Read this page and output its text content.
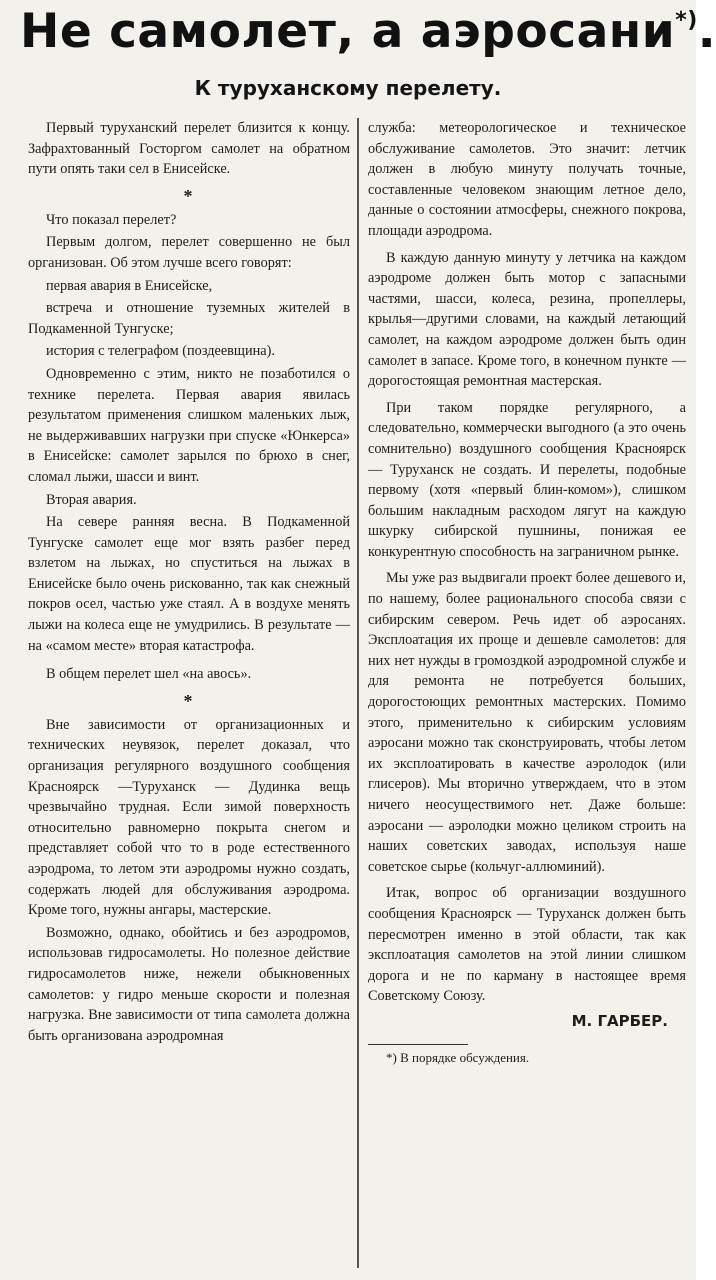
Не самолет, а аэросани*).
К туруханскому перелету.

Первый туруханский перелет близится к концу. Зафрахтованный Госторгом самолет на обратном пути опять таки сел в Енисейске.

*

Что показал перелет?

Первым долгом, перелет совершенно не был организован. Об этом лучше всего говорят:

первая авария в Енисейске,

встреча и отношение туземных жителей в Подкаменной Тунгуске;

история с телеграфом (поздеевщина).

Одновременно с этим, никто не позаботился о технике перелета. Первая авария явилась результатом применения слишком маленьких лыж, не выдерживавших нагрузки при спуске «Юнкерса» в Енисейске: самолет зарылся по брюхо в снег, сломал лыжи, шасси и винт.

Вторая авария.

На севере ранняя весна. В Подкаменной Тунгуске самолет еще мог взять разбег перед взлетом на лыжах, но спуститься на лыжах в Енисейске было очень рискованно, так как снежный покров осел, частью уже стаял. А в воздухе менять лыжи на колеса еще не умудрились. В результате — на «самом месте» вторая катастрофа.

В общем перелет шел «на авось».

*

Вне зависимости от организационных и технических неувязок, перелет доказал, что организация регулярного воздушного сообщения Красноярск —Туруханск — Дудинка вещь чрезвычайно трудная. Если зимой поверхность относительно равномерно покрыта снегом и представляет собой что то в роде естественного аэродрома, то летом эти аэродромы нужно создать, содержать людей для обслуживания аэродрома. Кроме того, нужны ангары, мастерские.

Возможно, однако, обойтись и без аэродромов, использовав гидросамолеты. Но полезное действие гидросамолетов ниже, нежели обыкновенных самолетов: у гидро меньше скорости и полезная нагрузка. Вне зависимости от типа самолета должна быть организована аэродромная

служба: метеорологическое и техническое обслуживание самолетов. Это значит: летчик должен в любую минуту получать точные, составленные человеком знающим летное дело, данные о состоянии атмосферы, снежного покрова, площади аэродрома.

В каждую данную минуту у летчика на каждом аэродроме должен быть мотор с запасными частями, шасси, колеса, резина, пропеллеры, крылья—другими словами, на каждый летающий самолет, на каждом аэродроме должен быть один самолет в запасе. Кроме того, в конечном пункте — дорогостоящая ремонтная мастерская.

При таком порядке регулярного, а следовательно, коммерчески выгодного (а это очень сомнительно) воздушного сообщения Красноярск — Туруханск не создать. И перелеты, подобные первому (хотя «первый блин-комом»), слишком большим накладным расходом лягут на каждую шкурку сибирской пушнины, понижая ее конкурентную способность на заграничном рынке.

Мы уже раз выдвигали проект более дешевого и, по нашему, более рационального способа связи с сибирским севером. Речь идет об аэросанях. Эксплоатация их проще и дешевле самолетов: для них нет нужды в громоздкой аэродромной службе и для ремонта не потребуется больших, дорогостоющих ремонтных мастерских. Помимо этого, применительно к сибирским условиям аэросани можно так сконструировать, чтобы летом их эксплоатировать в качестве аэролодок (или глисеров). Мы вторично утверждаем, что в этом ничего неосуществимого нет. Даже больше: аэросани — аэролодки можно целиком строить на наших советских заводах, используя наше советское сырье (кольчуг-аллюминий).

Итак, вопрос об организации воздушного сообщения Красноярск — Туруханск должен быть пересмотрен именно в этой области, так как эксплоатация самолетов на этой линии слишком дорога и не по карману в настоящее время Советскому Союзу.

М. ГАРБЕР.
*) В порядке обсуждения.
